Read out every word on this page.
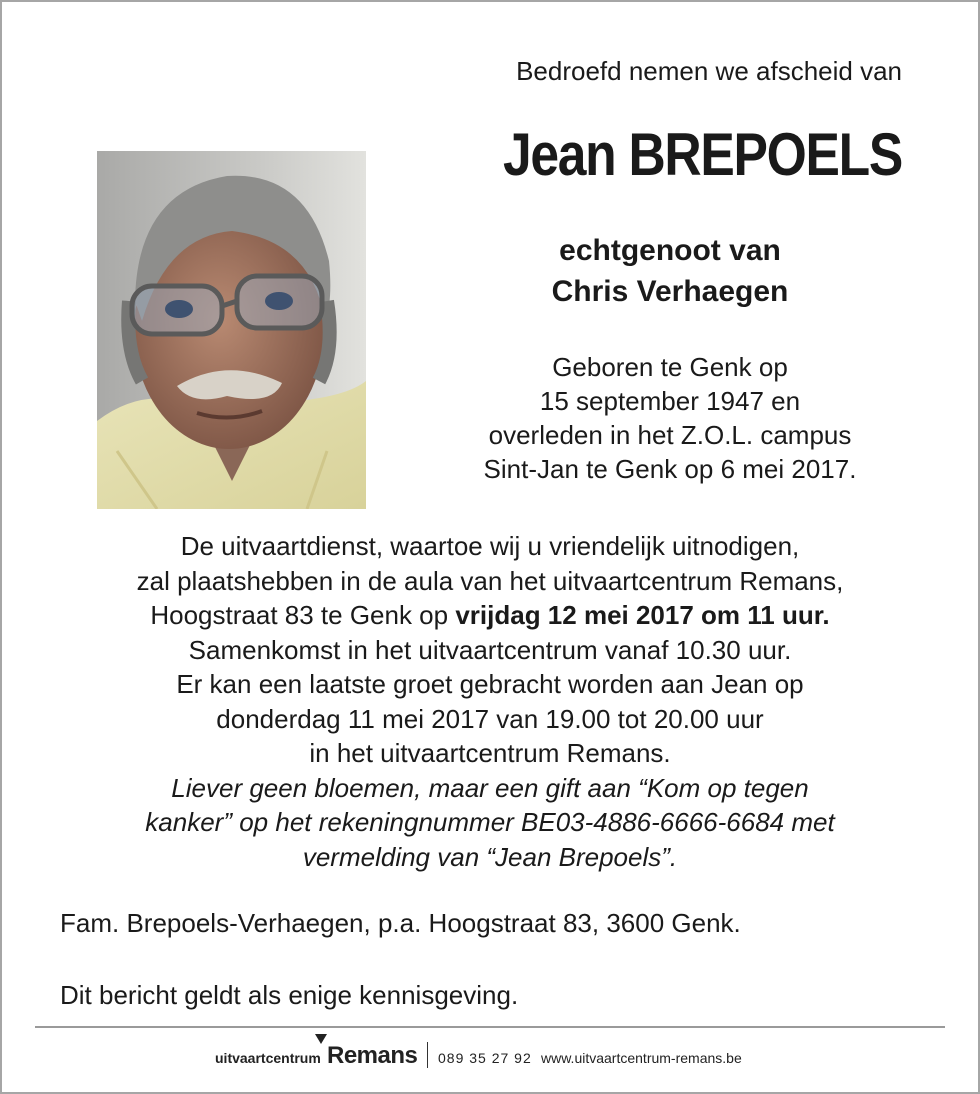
Bedroefd nemen we afscheid van
Jean BREPOELS
echtgenoot van
Chris Verhaegen
Geboren te Genk op
15 september 1947 en
overleden in het Z.O.L. campus
Sint-Jan te Genk op 6 mei 2017.
De uitvaartdienst, waartoe wij u vriendelijk uitnodigen,
zal plaatshebben in de aula van het uitvaartcentrum Remans,
Hoogstraat 83 te Genk op vrijdag 12 mei 2017 om 11 uur.
Samenkomst in het uitvaartcentrum vanaf 10.30 uur.
Er kan een laatste groet gebracht worden aan Jean op
donderdag 11 mei 2017 van 19.00 tot 20.00 uur
in het uitvaartcentrum Remans.
Liever geen bloemen, maar een gift aan “Kom op tegen
kanker” op het rekeningnummer BE03-4886-6666-6684 met
vermelding van “Jean Brepoels”.
Fam. Brepoels-Verhaegen, p.a. Hoogstraat 83, 3600 Genk.
Dit bericht geldt als enige kennisgeving.
uitvaartcentrum Remans 089 35 27 92 www.uitvaartcentrum-remans.be
